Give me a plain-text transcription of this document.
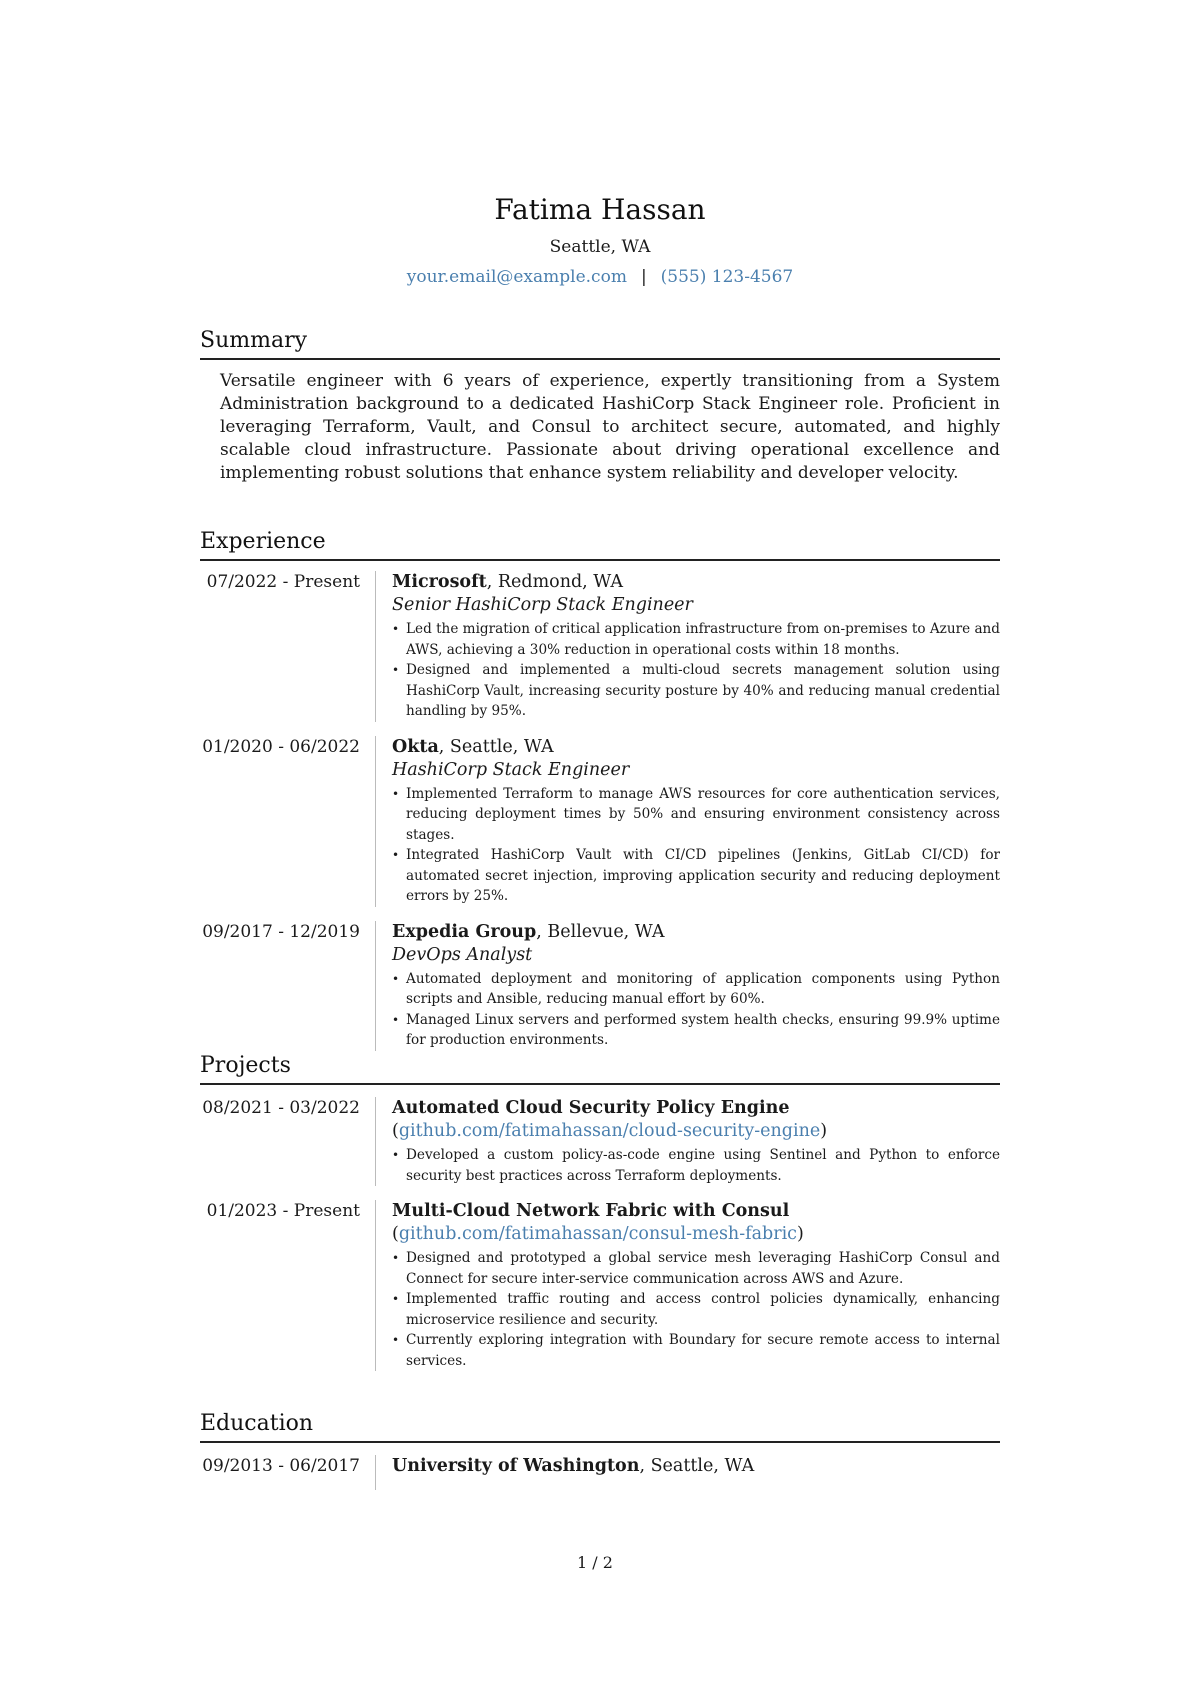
Fatima Hassan
Seattle, WA
your.email@example.com | (555) 123-4567
Summary
Versatile engineer with 6 years of experience, expertly transitioning from a System Administration background to a dedicated HashiCorp Stack Engineer role. Proficient in leveraging Terraform, Vault, and Consul to architect secure, automated, and highly scalable cloud infrastructure. Passionate about driving operational excellence and implementing robust solutions that enhance system reliability and developer velocity.
Experience
07/2022 - Present	Microsoft, Redmond, WA
Senior HashiCorp Stack Engineer
• Led the migration of critical application infrastructure from on-premises to Azure and AWS, achieving a 30% reduction in operational costs within 18 months.
• Designed and implemented a multi-cloud secrets management solution using HashiCorp Vault, increasing security posture by 40% and reducing manual credential handling by 95%.
01/2020 - 06/2022	Okta, Seattle, WA
HashiCorp Stack Engineer
• Implemented Terraform to manage AWS resources for core authentication services, reducing deployment times by 50% and ensuring environment consistency across stages.
• Integrated HashiCorp Vault with CI/CD pipelines (Jenkins, GitLab CI/CD) for automated secret injection, improving application security and reducing deployment errors by 25%.
09/2017 - 12/2019	Expedia Group, Bellevue, WA
DevOps Analyst
• Automated deployment and monitoring of application components using Python scripts and Ansible, reducing manual effort by 60%.
• Managed Linux servers and performed system health checks, ensuring 99.9% uptime for production environments.
Projects
08/2021 - 03/2022	Automated Cloud Security Policy Engine (github.com/fatimahassan/cloud-security-engine)
• Developed a custom policy-as-code engine using Sentinel and Python to enforce security best practices across Terraform deployments.
01/2023 - Present	Multi-Cloud Network Fabric with Consul (github.com/fatimahassan/consul-mesh-fabric)
• Designed and prototyped a global service mesh leveraging HashiCorp Consul and Connect for secure inter-service communication across AWS and Azure.
• Implemented traffic routing and access control policies dynamically, enhancing microservice resilience and security.
• Currently exploring integration with Boundary for secure remote access to internal services.
Education
09/2013 - 06/2017	University of Washington, Seattle, WA
1 / 2
